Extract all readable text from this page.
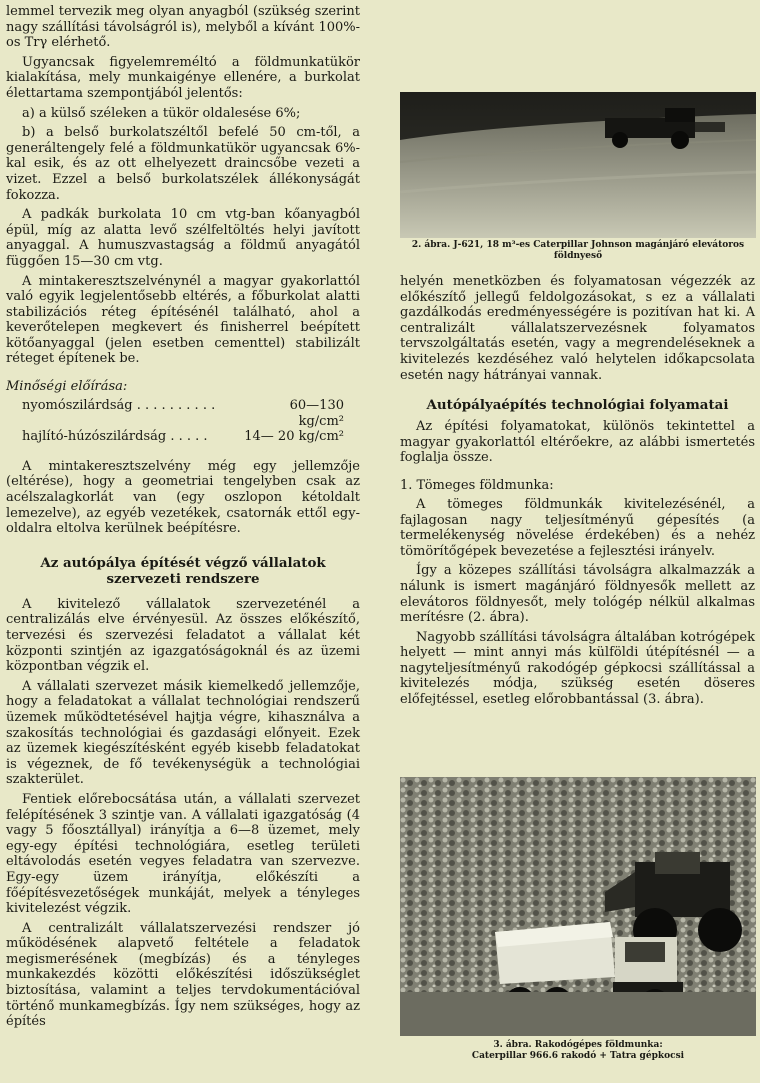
lemmel tervezik meg olyan anyagból (szükség szerint nagy szállítási távolságról is), melyből a kívánt 100%-os Trγ elérhető.

Ugyancsak figyelemreméltó a földmunkatükör kialakítása, mely munkaigénye ellenére, a burkolat élettartama szempontjából jelentős:

a) a külső széleken a tükör oldalesése 6%;

b) a belső burkolatszéltől befelé 50 cm-től, a generáltengely felé a földmunkatükör ugyancsak 6%-kal esik, és az ott elhelyezett draincsőbe vezeti a vizet. Ezzel a belső burkolatszélek állékonyságát fokozza.

A padkák burkolata 10 cm vtg-ban kőanyagból épül, míg az alatta levő szélfeltöltés helyi javított anyaggal. A humuszvastagság a földmű anyagától függően 15—30 cm vtg.

A mintakeresztszelvénynél a magyar gyakorlattól való egyik legjelentősebb eltérés, a főburkolat alatti stabilizációs réteg építésénél található, ahol a keverőtelepen megkevert és finisherrel beépített kötőanyaggal (jelen esetben cementtel) stabilizált réteget építenek be.

Minőségi előírása:
nyomószilárdság . . . . . . . . . .	60—130 kg/cm²
hajlító-húzószilárdság . . . . .	14— 20 kg/cm²

A mintakeresztszelvény még egy jellemzője (eltérése), hogy a geometriai tengelyben csak az acélszalagkorlát van (egy oszlopon kétoldalt lemezelve), az egyéb vezetékek, csatornák ettől egy-oldalra eltolva kerülnek beépítésre.

Az autópálya építését végző vállalatok szervezeti rendszere

A kivitelező vállalatok szervezeténél a centralizálás elve érvényesül. Az összes előkészítő, tervezési és szervezési feladatot a vállalat két központi szintjén az igazgatóságoknál és az üzemi központban végzik el.

A vállalati szervezet másik kiemelkedő jellemzője, hogy a feladatokat a vállalat technológiai rendszerű üzemek működtetésével hajtja végre, kihasználva a szakosítás technológiai és gazdasági előnyeit. Ezek az üzemek kiegészítésként egyéb kisebb feladatokat is végeznek, de fő tevékenységük a technológiai szakterület.

Fentiek előrebocsátása után, a vállalati szervezet felépítésének 3 szintje van. A vállalati igazgatóság (4 vagy 5 főosztállyal) irányítja a 6—8 üzemet, mely egy-egy építési technológiára, esetleg területi eltávolodás esetén vegyes feladatra van szervezve. Egy-egy üzem irányítja, előkészíti a főépítésvezetőségek munkáját, melyek a tényleges kivitelezést végzik.

A centralizált vállalatszervezési rendszer jó működésének alapvető feltétele a feladatok megismerésének (megbízás) és a tényleges munkakezdés közötti előkészítési időszükséglet biztosítása, valamint a teljes tervdokumentációval történő munkamegbízás. Így nem szükséges, hogy az építés

2. ábra. J-621, 18 m³-es Caterpillar Johnson magánjáró elevátoros földnyeső

helyén menetközben és folyamatosan végezzék az előkészítő jellegű feldolgozásokat, s ez a vállalati gazdálkodás eredményességére is pozitívan hat ki. A centralizált vállalatszervezésnek folyamatos tervszolgáltatás esetén, vagy a megrendeléseknek a kivitelezés kezdéséhez való helytelen időkapcsolata esetén nagy hátrányai vannak.

Autópályaépítés technológiai folyamatai

Az építési folyamatokat, különös tekintettel a magyar gyakorlattól eltérőekre, az alábbi ismertetés foglalja össze.

1. Tömeges földmunka:

A tömeges földmunkák kivitelezésénél, a fajlagosan nagy teljesítményű gépesítés (a termelékenység növelése érdekében) és a nehéz tömörítőgépek bevezetése a fejlesztési irányelv.

Így a közepes szállítási távolságra alkalmazzák a nálunk is ismert magánjáró földnyesők mellett az elevátoros földnyesőt, mely tológép nélkül alkalmas merítésre (2. ábra).

Nagyobb szállítási távolságra általában kotrógépek helyett — mint annyi más külföldi útépítésnél — a nagyteljesítményű rakodógép gépkocsi szállítással a kivitelezés módja, szükség esetén döseres előfejtéssel, esetleg előrobbantással (3. ábra).

3. ábra. Rakodógépes földmunka:
Caterpillar 966.6 rakodó + Tatra gépkocsi
